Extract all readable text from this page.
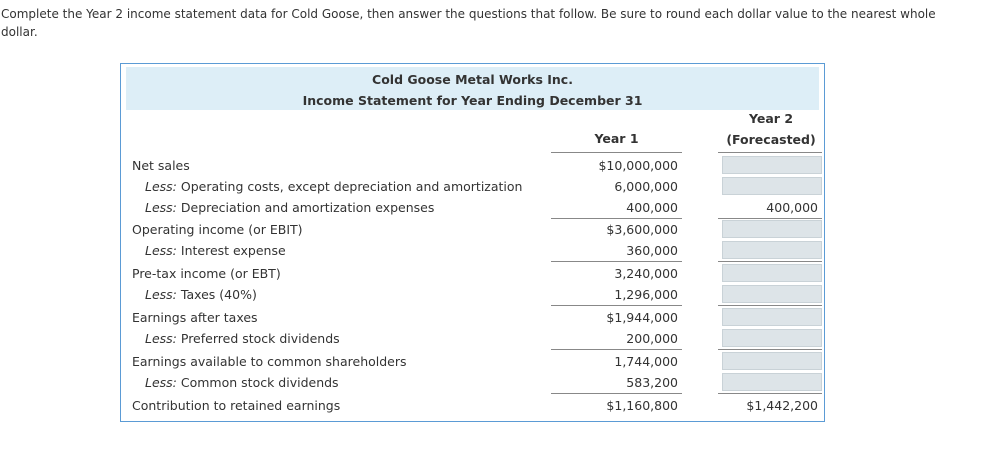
Complete the Year 2 income statement data for Cold Goose, then answer the questions that follow. Be sure to round each dollar value to the nearest whole dollar.

Cold Goose Metal Works Inc.
Income Statement for Year Ending December 31
Year 1
Year 2
(Forecasted)
Net sales	$10,000,000
Less: Operating costs, except depreciation and amortization	6,000,000
Less: Depreciation and amortization expenses	400,000	400,000
Operating income (or EBIT)	$3,600,000
Less: Interest expense	360,000
Pre-tax income (or EBT)	3,240,000
Less: Taxes (40%)	1,296,000
Earnings after taxes	$1,944,000
Less: Preferred stock dividends	200,000
Earnings available to common shareholders	1,744,000
Less: Common stock dividends	583,200
Contribution to retained earnings	$1,160,800	$1,442,200
